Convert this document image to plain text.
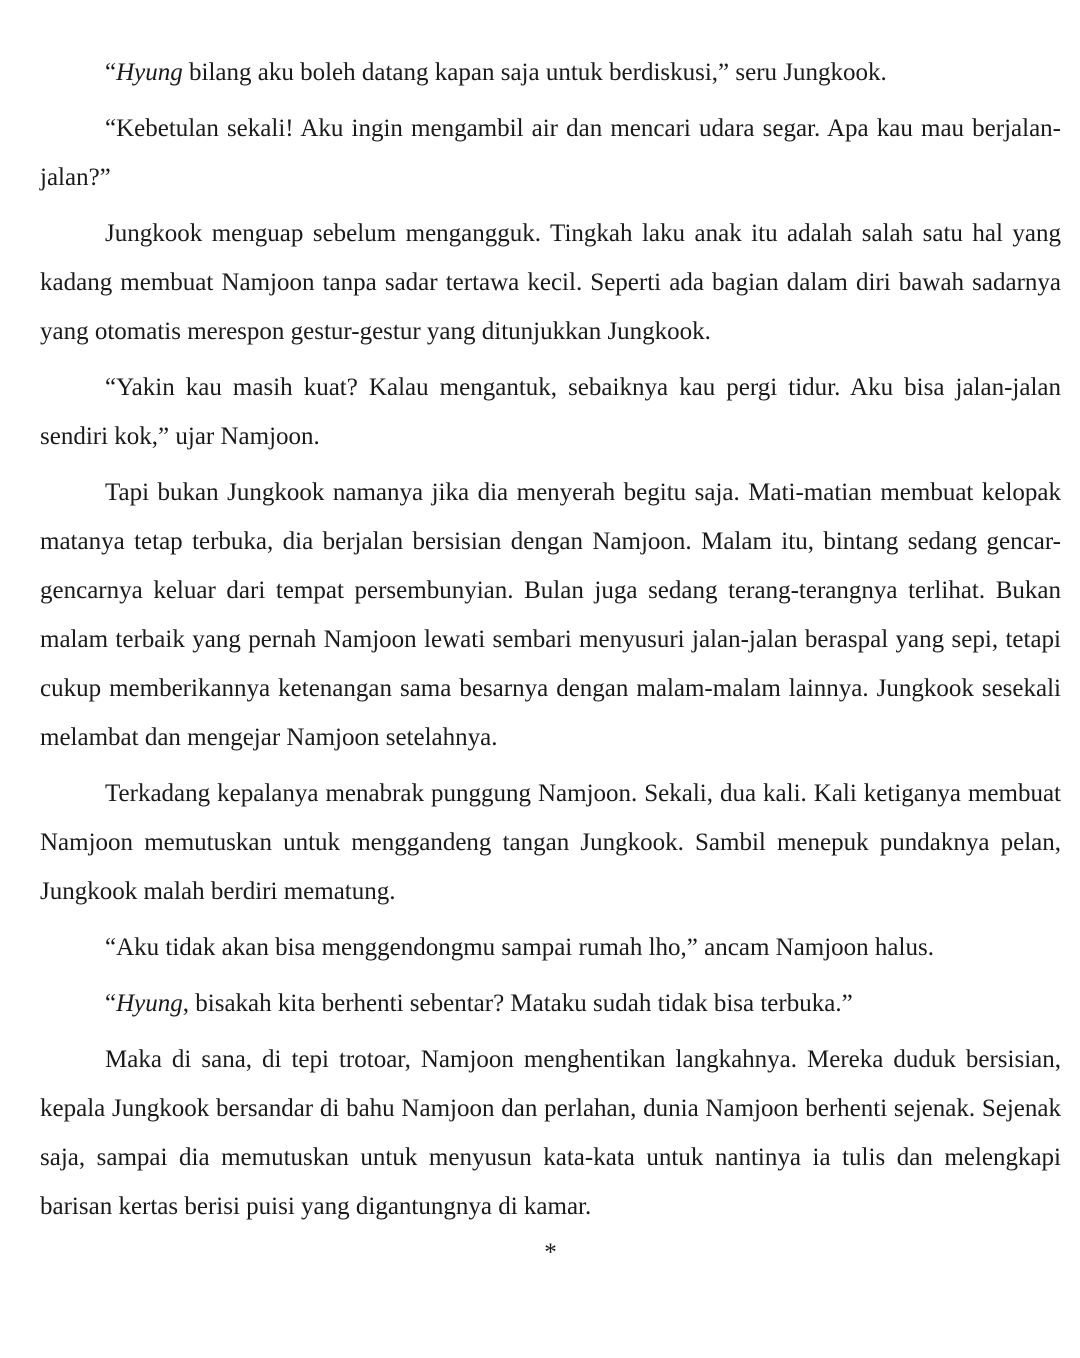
“Hyung bilang aku boleh datang kapan saja untuk berdiskusi,” seru Jungkook.

“Kebetulan sekali! Aku ingin mengambil air dan mencari udara segar. Apa kau mau berjalan-jalan?”

Jungkook menguap sebelum mengangguk. Tingkah laku anak itu adalah salah satu hal yang kadang membuat Namjoon tanpa sadar tertawa kecil. Seperti ada bagian dalam diri bawah sadarnya yang otomatis merespon gestur-gestur yang ditunjukkan Jungkook.

“Yakin kau masih kuat? Kalau mengantuk, sebaiknya kau pergi tidur. Aku bisa jalan-jalan sendiri kok,” ujar Namjoon.

Tapi bukan Jungkook namanya jika dia menyerah begitu saja. Mati-matian membuat kelopak matanya tetap terbuka, dia berjalan bersisian dengan Namjoon. Malam itu, bintang sedang gencar-gencarnya keluar dari tempat persembunyian. Bulan juga sedang terang-terangnya terlihat. Bukan malam terbaik yang pernah Namjoon lewati sembari menyusuri jalan-jalan beraspal yang sepi, tetapi cukup memberikannya ketenangan sama besarnya dengan malam-malam lainnya. Jungkook sesekali melambat dan mengejar Namjoon setelahnya.

Terkadang kepalanya menabrak punggung Namjoon. Sekali, dua kali. Kali ketiganya membuat Namjoon memutuskan untuk menggandeng tangan Jungkook. Sambil menepuk pundaknya pelan, Jungkook malah berdiri mematung.

“Aku tidak akan bisa menggendongmu sampai rumah lho,” ancam Namjoon halus.

“Hyung, bisakah kita berhenti sebentar? Mataku sudah tidak bisa terbuka.”

Maka di sana, di tepi trotoar, Namjoon menghentikan langkahnya. Mereka duduk bersisian, kepala Jungkook bersandar di bahu Namjoon dan perlahan, dunia Namjoon berhenti sejenak. Sejenak saja, sampai dia memutuskan untuk menyusun kata-kata untuk nantinya ia tulis dan melengkapi barisan kertas berisi puisi yang digantungnya di kamar.

*
